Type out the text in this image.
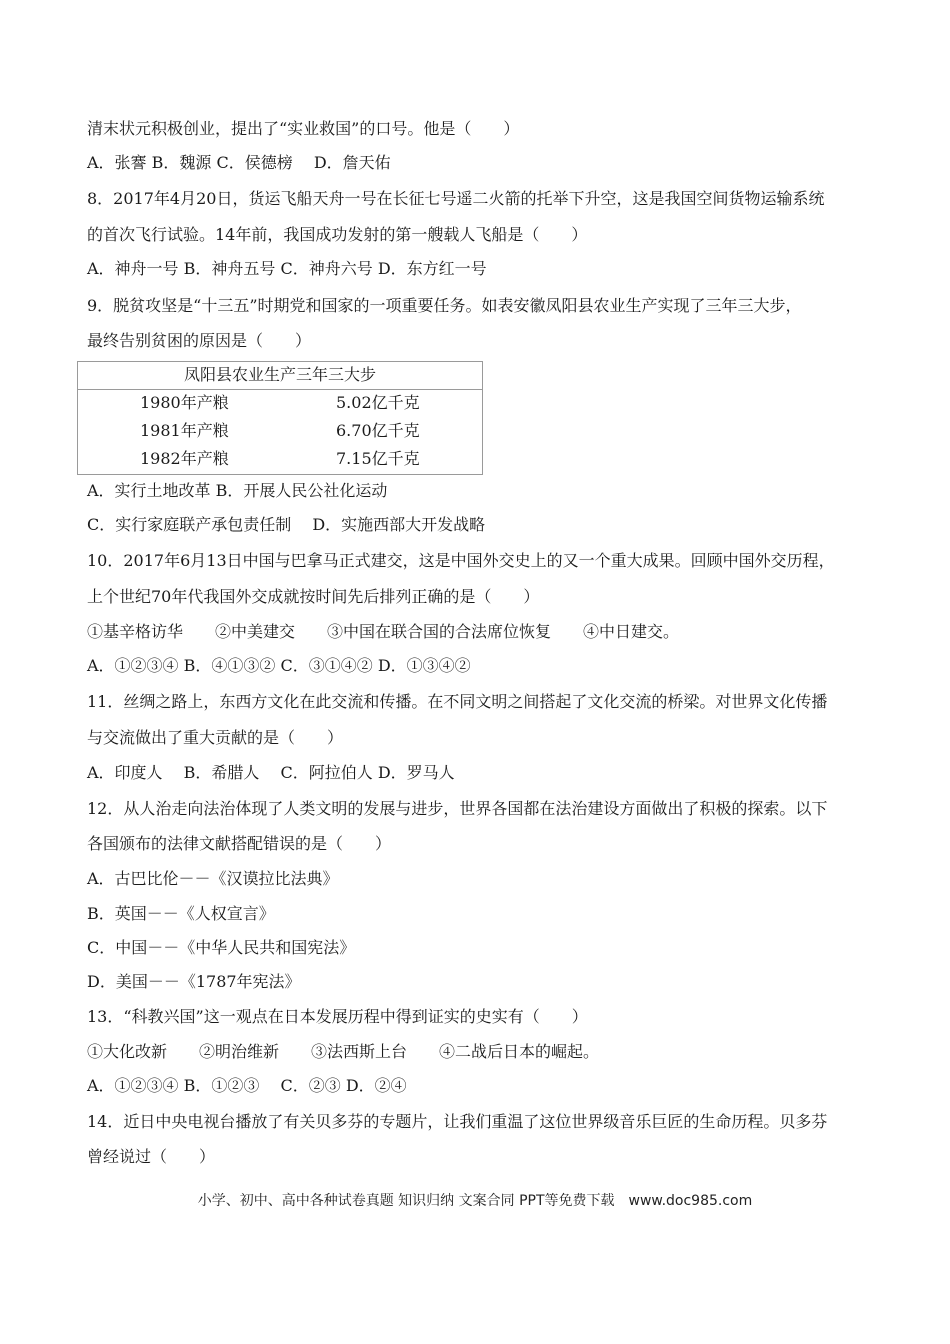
清末状元积极创业，提出了“实业救国”的口号。他是（　　）
A．张謇 B．魏源 C．侯德榜　 D．詹天佑
8．2017年4月20日，货运飞船天舟一号在长征七号遥二火箭的托举下升空，这是我国空间货物运输系统
的首次飞行试验。14年前，我国成功发射的第一艘载人飞船是（　　）
A．神舟一号 B．神舟五号 C．神舟六号 D．东方红一号
9．脱贫攻坚是“十三五”时期党和国家的一项重要任务。如表安徽凤阳县农业生产实现了三年三大步，
最终告别贫困的原因是（　　）
凤阳县农业生产三年三大步
1980年产粮	5.02亿千克
1981年产粮	6.70亿千克
1982年产粮	7.15亿千克
A．实行土地改革 B．开展人民公社化运动
C．实行家庭联产承包责任制　 D．实施西部大开发战略
10．2017年6月13日中国与巴拿马正式建交，这是中国外交史上的又一个重大成果。回顾中国外交历程，
上个世纪70年代我国外交成就按时间先后排列正确的是（　　）
①基辛格访华　　②中美建交　　③中国在联合国的合法席位恢复　　④中日建交。
A．①②③④ B．④①③② C．③①④② D．①③④②
11．丝绸之路上，东西方文化在此交流和传播。在不同文明之间搭起了文化交流的桥梁。对世界文化传播
与交流做出了重大贡献的是（　　）
A．印度人　 B．希腊人　 C．阿拉伯人 D．罗马人
12．从人治走向法治体现了人类文明的发展与进步，世界各国都在法治建设方面做出了积极的探索。以下
各国颁布的法律文献搭配错误的是（　　）
A．古巴比伦－－《汉谟拉比法典》
B．英国－－《人权宣言》
C．中国－－《中华人民共和国宪法》
D．美国－－《1787年宪法》
13．“科教兴国”这一观点在日本发展历程中得到证实的史实有（　　）
①大化改新　　②明治维新　　③法西斯上台　　④二战后日本的崛起。
A．①②③④ B．①②③　 C．②③ D．②④
14．近日中央电视台播放了有关贝多芬的专题片，让我们重温了这位世界级音乐巨匠的生命历程。贝多芬
曾经说过（　　）
小学、初中、高中各种试卷真题 知识归纳 文案合同 PPT等免费下载　www.doc985.com
